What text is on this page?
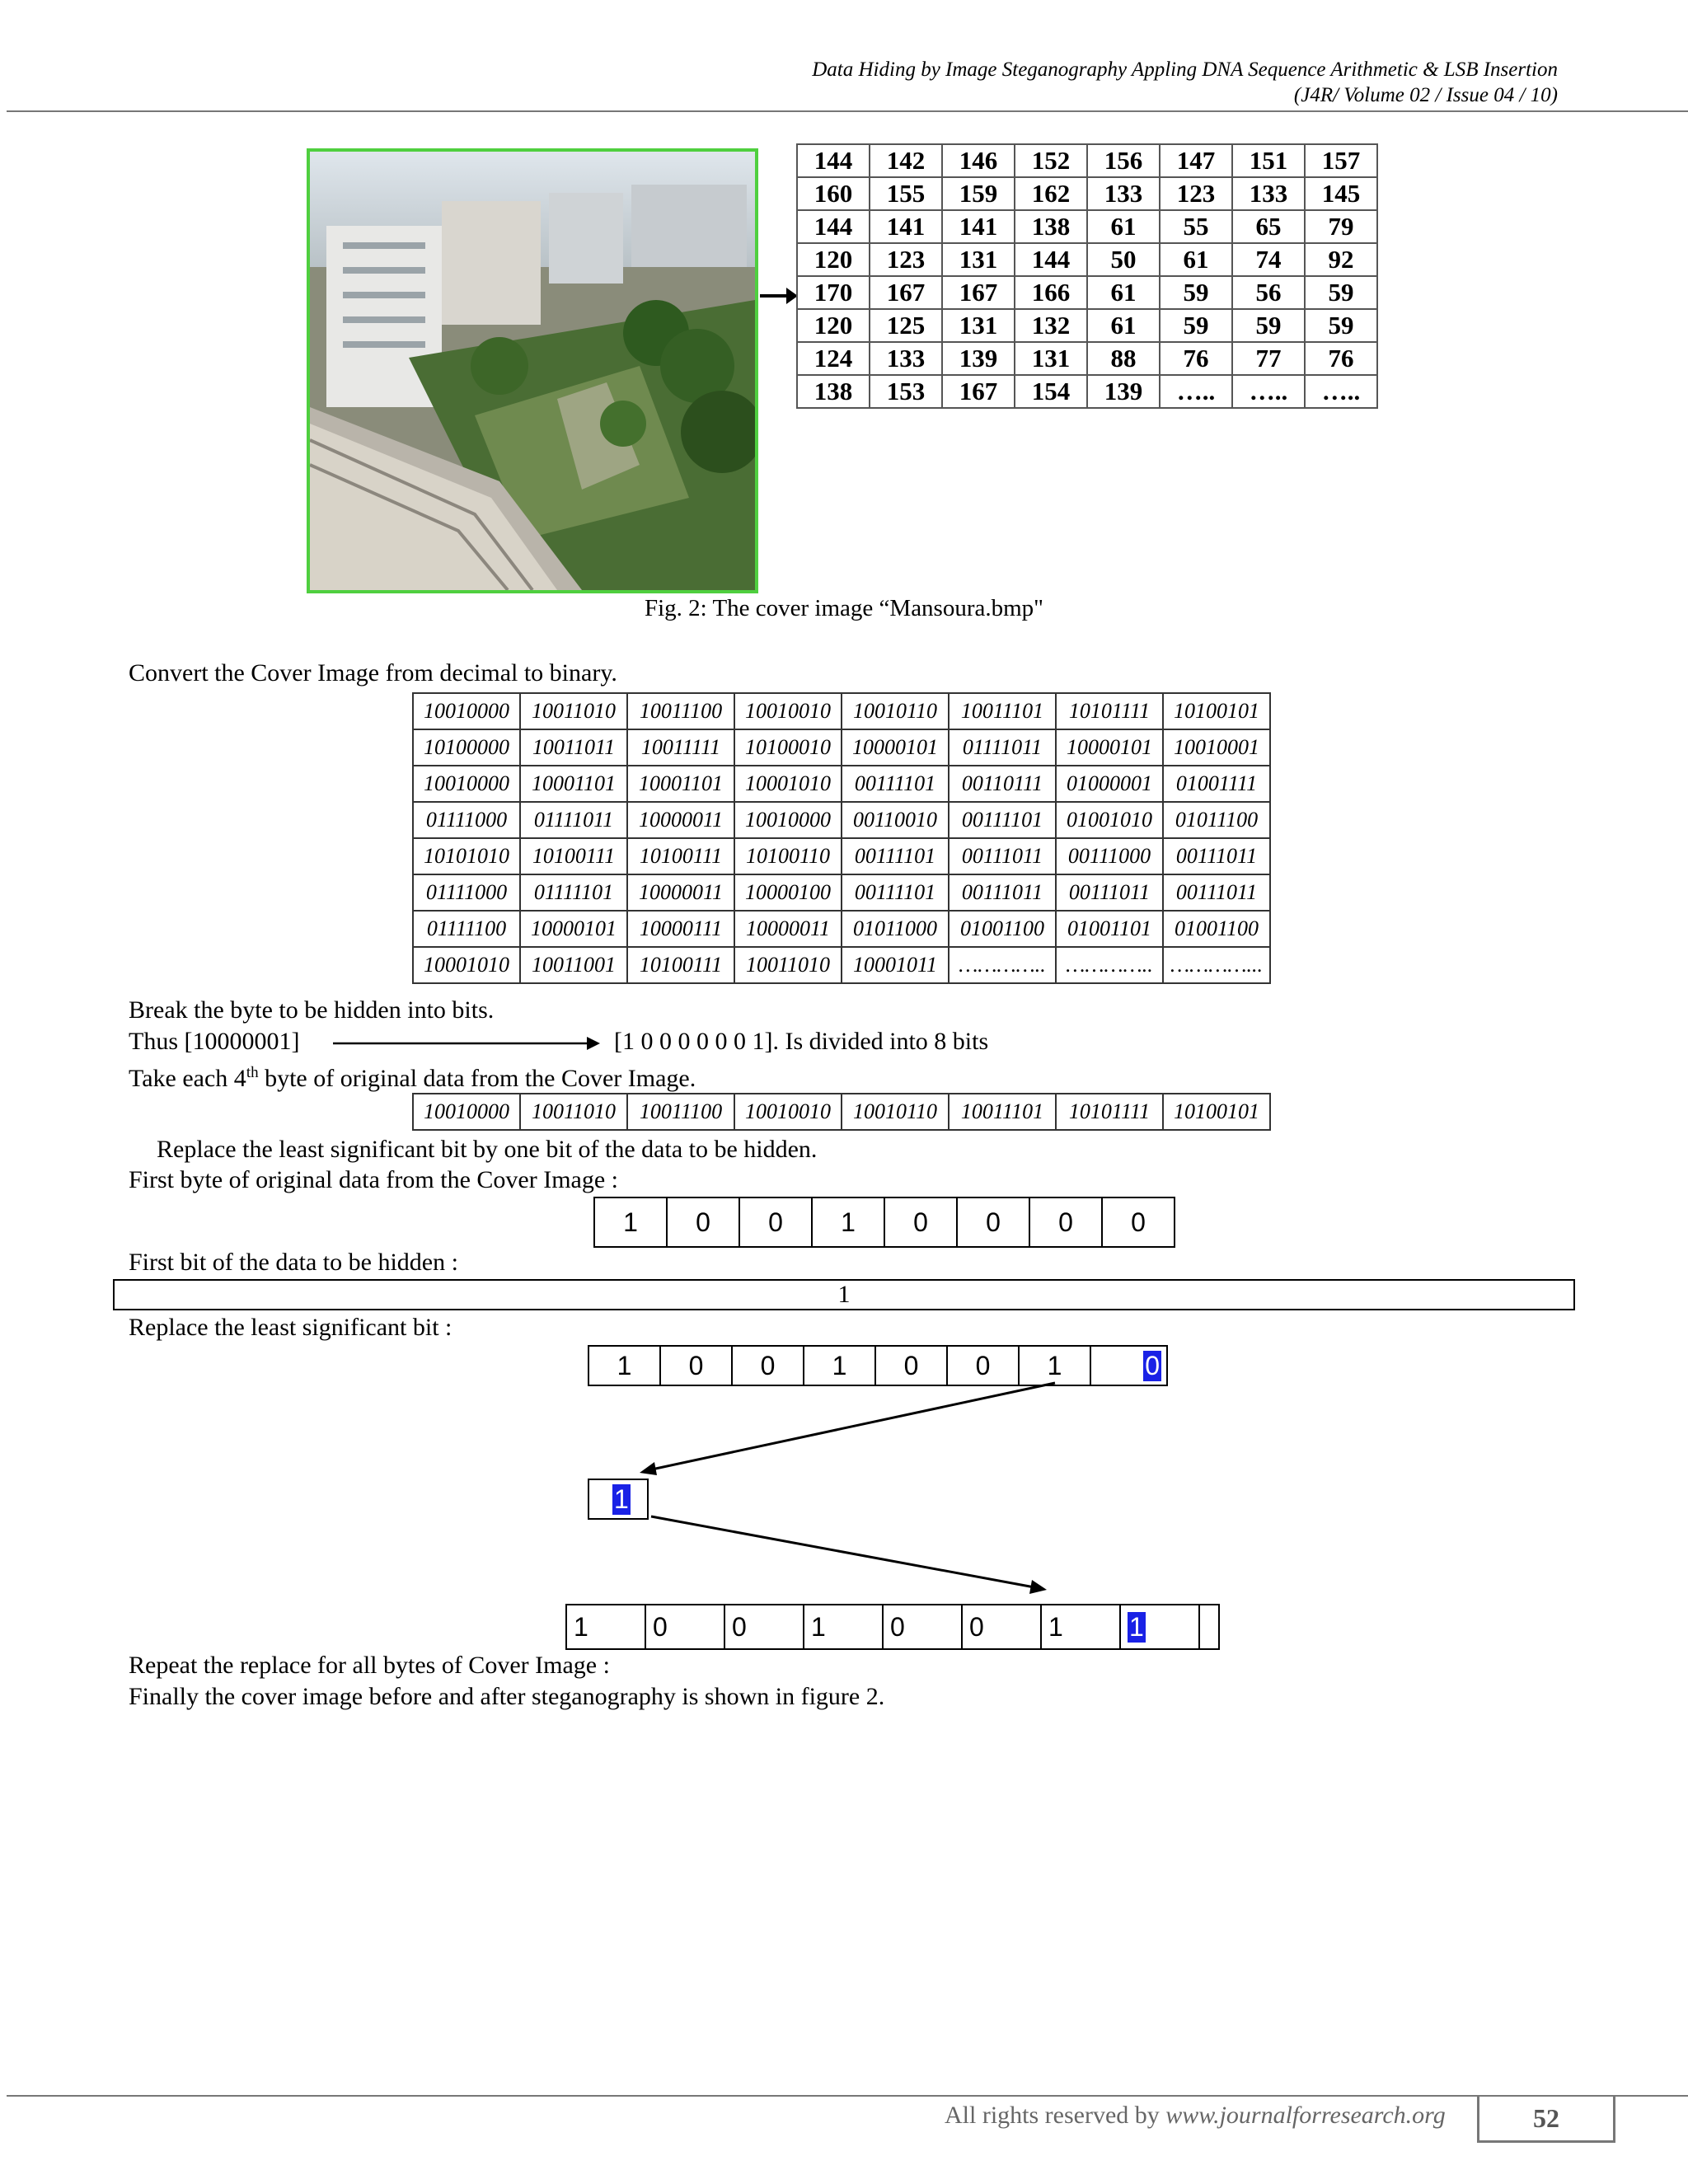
Data Hiding by Image Steganography Appling DNA Sequence Arithmetic & LSB Insertion
(J4R/ Volume 02 / Issue 04 / 10)
144	142	146	152	156	147	151	157
160	155	159	162	133	123	133	145
144	141	141	138	61	55	65	79
120	123	131	144	50	61	74	92
170	167	167	166	61	59	56	59
120	125	131	132	61	59	59	59
124	133	139	131	88	76	77	76
138	153	167	154	139	…..	…..	…..
Fig. 2: The cover image “Mansoura.bmp"
Convert the Cover Image from decimal to binary.
10010000	10011010	10011100	10010010	10010110	10011101	10101111	10100101
10100000	10011011	10011111	10100010	10000101	01111011	10000101	10010001
10010000	10001101	10001101	10001010	00111101	00110111	01000001	01001111
01111000	01111011	10000011	10010000	00110010	00111101	01001010	01011100
10101010	10100111	10100111	10100110	00111101	00111011	00111000	00111011
01111000	01111101	10000011	10000100	00111101	00111011	00111011	00111011
01111100	10000101	10000111	10000011	01011000	01001100	01001101	01001100
10001010	10011001	10100111	10011010	10001011	…………..	…………..	…………...
Break the byte to be hidden into bits.
Thus [10000001]	[1 0 0 0 0 0 0 1]. Is divided into 8 bits
Take each 4th byte of original data from the Cover Image.
10010000	10011010	10011100	10010010	10010110	10011101	10101111	10100101
Replace the least significant bit by one bit of the data to be hidden.
First byte of original data from the Cover Image :
1	0	0	1	0	0	0	0
First bit of the data to be hidden :
1
Replace the least significant bit :
1	0	0	1	0	0	1	0
1
1	0	0	1	0	0	1	1	
Repeat the replace for all bytes of Cover Image :
Finally the cover image before and after steganography is shown in figure 2.
All rights reserved by www.journalforresearch.org	52
